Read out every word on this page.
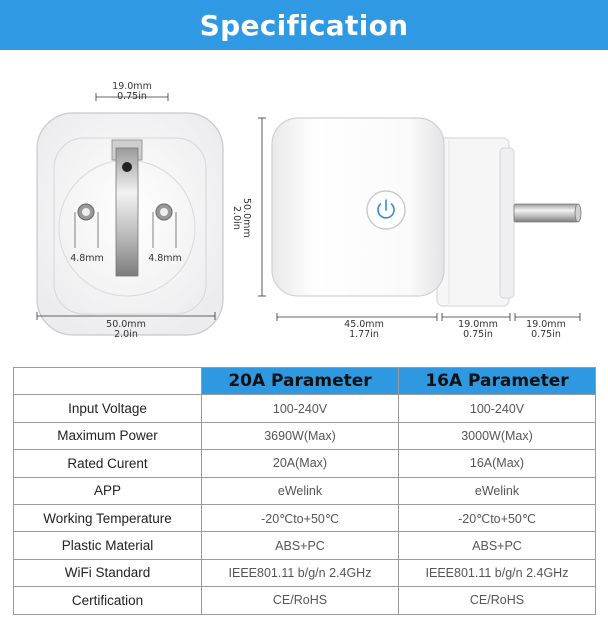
Specification
19.0mm
0.75in
4.8mm	4.8mm
50.0mm
2.0in
50.0mm
2.0in
45.0mm
1.77in
19.0mm
0.75in
19.0mm
0.75in
	20A Parameter	16A Parameter
Input Voltage	100-240V	100-240V
Maximum Power	3690W(Max)	3000W(Max)
Rated Curent	20A(Max)	16A(Max)
APP	eWelink	eWelink
Working Temperature	-20℃to+50℃	-20℃to+50℃
Plastic Material	ABS+PC	ABS+PC
WiFi Standard	IEEE801.11 b/g/n 2.4GHz	IEEE801.11 b/g/n 2.4GHz
Certification	CE/RoHS	CE/RoHS
